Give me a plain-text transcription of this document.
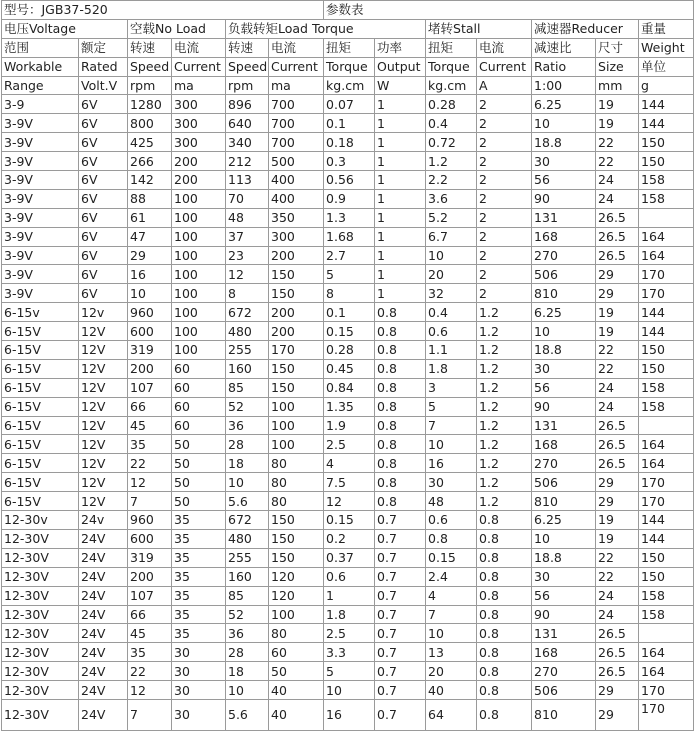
型号：JGB37-520						参数表						
电压Voltage		空载No Load		负载转矩Load Torque				堵转Stall		减速器Reducer		重量
范围	额定	转速	电流	转速	电流	扭矩	功率	扭矩	电流	减速比	尺寸	Weight
Workable	Rated	Speed	Current	Speed	Current	Torque	Output	Torque	Current	Ratio	Size	单位
Range	Volt.V	rpm	ma	rpm	ma	kg.cm	W	kg.cm	A	1:00	mm	g
3-9	6V	1280	300	896	700	0.07	1	0.28	2	6.25	19	144
3-9V	6V	800	300	640	700	0.1	1	0.4	2	10	19	144
3-9V	6V	425	300	340	700	0.18	1	0.72	2	18.8	22	150
3-9V	6V	266	200	212	500	0.3	1	1.2	2	30	22	150
3-9V	6V	142	200	113	400	0.56	1	2.2	2	56	24	158
3-9V	6V	88	100	70	400	0.9	1	3.6	2	90	24	158
3-9V	6V	61	100	48	350	1.3	1	5.2	2	131	26.5	
3-9V	6V	47	100	37	300	1.68	1	6.7	2	168	26.5	164
3-9V	6V	29	100	23	200	2.7	1	10	2	270	26.5	164
3-9V	6V	16	100	12	150	5	1	20	2	506	29	170
3-9V	6V	10	100	8	150	8	1	32	2	810	29	170
6-15v	12v	960	100	672	200	0.1	0.8	0.4	1.2	6.25	19	144
6-15V	12V	600	100	480	200	0.15	0.8	0.6	1.2	10	19	144
6-15V	12V	319	100	255	170	0.28	0.8	1.1	1.2	18.8	22	150
6-15V	12V	200	60	160	150	0.45	0.8	1.8	1.2	30	22	150
6-15V	12V	107	60	85	150	0.84	0.8	3	1.2	56	24	158
6-15V	12V	66	60	52	100	1.35	0.8	5	1.2	90	24	158
6-15V	12V	45	60	36	100	1.9	0.8	7	1.2	131	26.5	
6-15V	12V	35	50	28	100	2.5	0.8	10	1.2	168	26.5	164
6-15V	12V	22	50	18	80	4	0.8	16	1.2	270	26.5	164
6-15V	12V	12	50	10	80	7.5	0.8	30	1.2	506	29	170
6-15V	12V	7	50	5.6	80	12	0.8	48	1.2	810	29	170
12-30v	24v	960	35	672	150	0.15	0.7	0.6	0.8	6.25	19	144
12-30V	24V	600	35	480	150	0.2	0.7	0.8	0.8	10	19	144
12-30V	24V	319	35	255	150	0.37	0.7	0.15	0.8	18.8	22	150
12-30V	24V	200	35	160	120	0.6	0.7	2.4	0.8	30	22	150
12-30V	24V	107	35	85	120	1	0.7	4	0.8	56	24	158
12-30V	24V	66	35	52	100	1.8	0.7	7	0.8	90	24	158
12-30V	24V	45	35	36	80	2.5	0.7	10	0.8	131	26.5	
12-30V	24V	35	30	28	60	3.3	0.7	13	0.8	168	26.5	164
12-30V	24V	22	30	18	50	5	0.7	20	0.8	270	26.5	164
12-30V	24V	12	30	10	40	10	0.7	40	0.8	506	29	170
12-30V	24V	7	30	5.6	40	16	0.7	64	0.8	810	29	170
